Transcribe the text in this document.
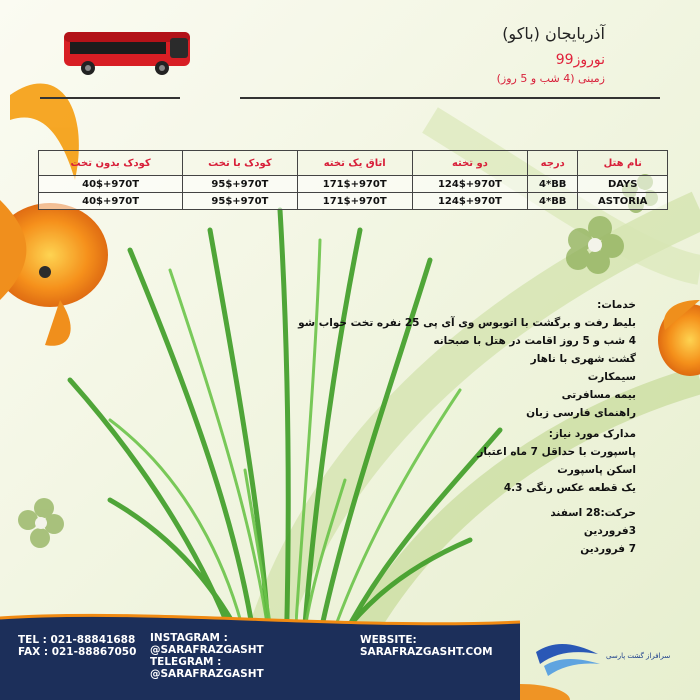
آذربایجان (باکو)
نوروز99
زمینی (4 شب و 5 روز)
کودک بدون تخت	کودک با تخت	اتاق یک تخته	دو تخته	درجه	نام هتل
40$+970T	95$+970T	171$+970T	124$+970T	4*BB	DAYS
40$+970T	95$+970T	171$+970T	124$+970T	4*BB	ASTORIA
خدمات:
بلیط رفت و برگشت با اتوبوس وی آی پی 25 نفره تخت خواب شو
4 شب و 5 روز اقامت در هتل با صبحانه
گشت شهری با ناهار
سیمکارت
بیمه مسافرتی
راهنمای فارسی زبان
مدارک مورد نیاز:
پاسپورت با حداقل 7 ماه اعتبار
اسکن پاسپورت
یک قطعه عکس رنگی 4.3
حرکت:28 اسفند
3فروردین
7 فروردین
TEL : 021-88841688
FAX : 021-88867050
INSTAGRAM :
@SARAFRAZGASHT
TELEGRAM :
@SARAFRAZGASHT
WEBSITE:
SARAFRAZGASHT.COM	سرافراز گشت پارسی
